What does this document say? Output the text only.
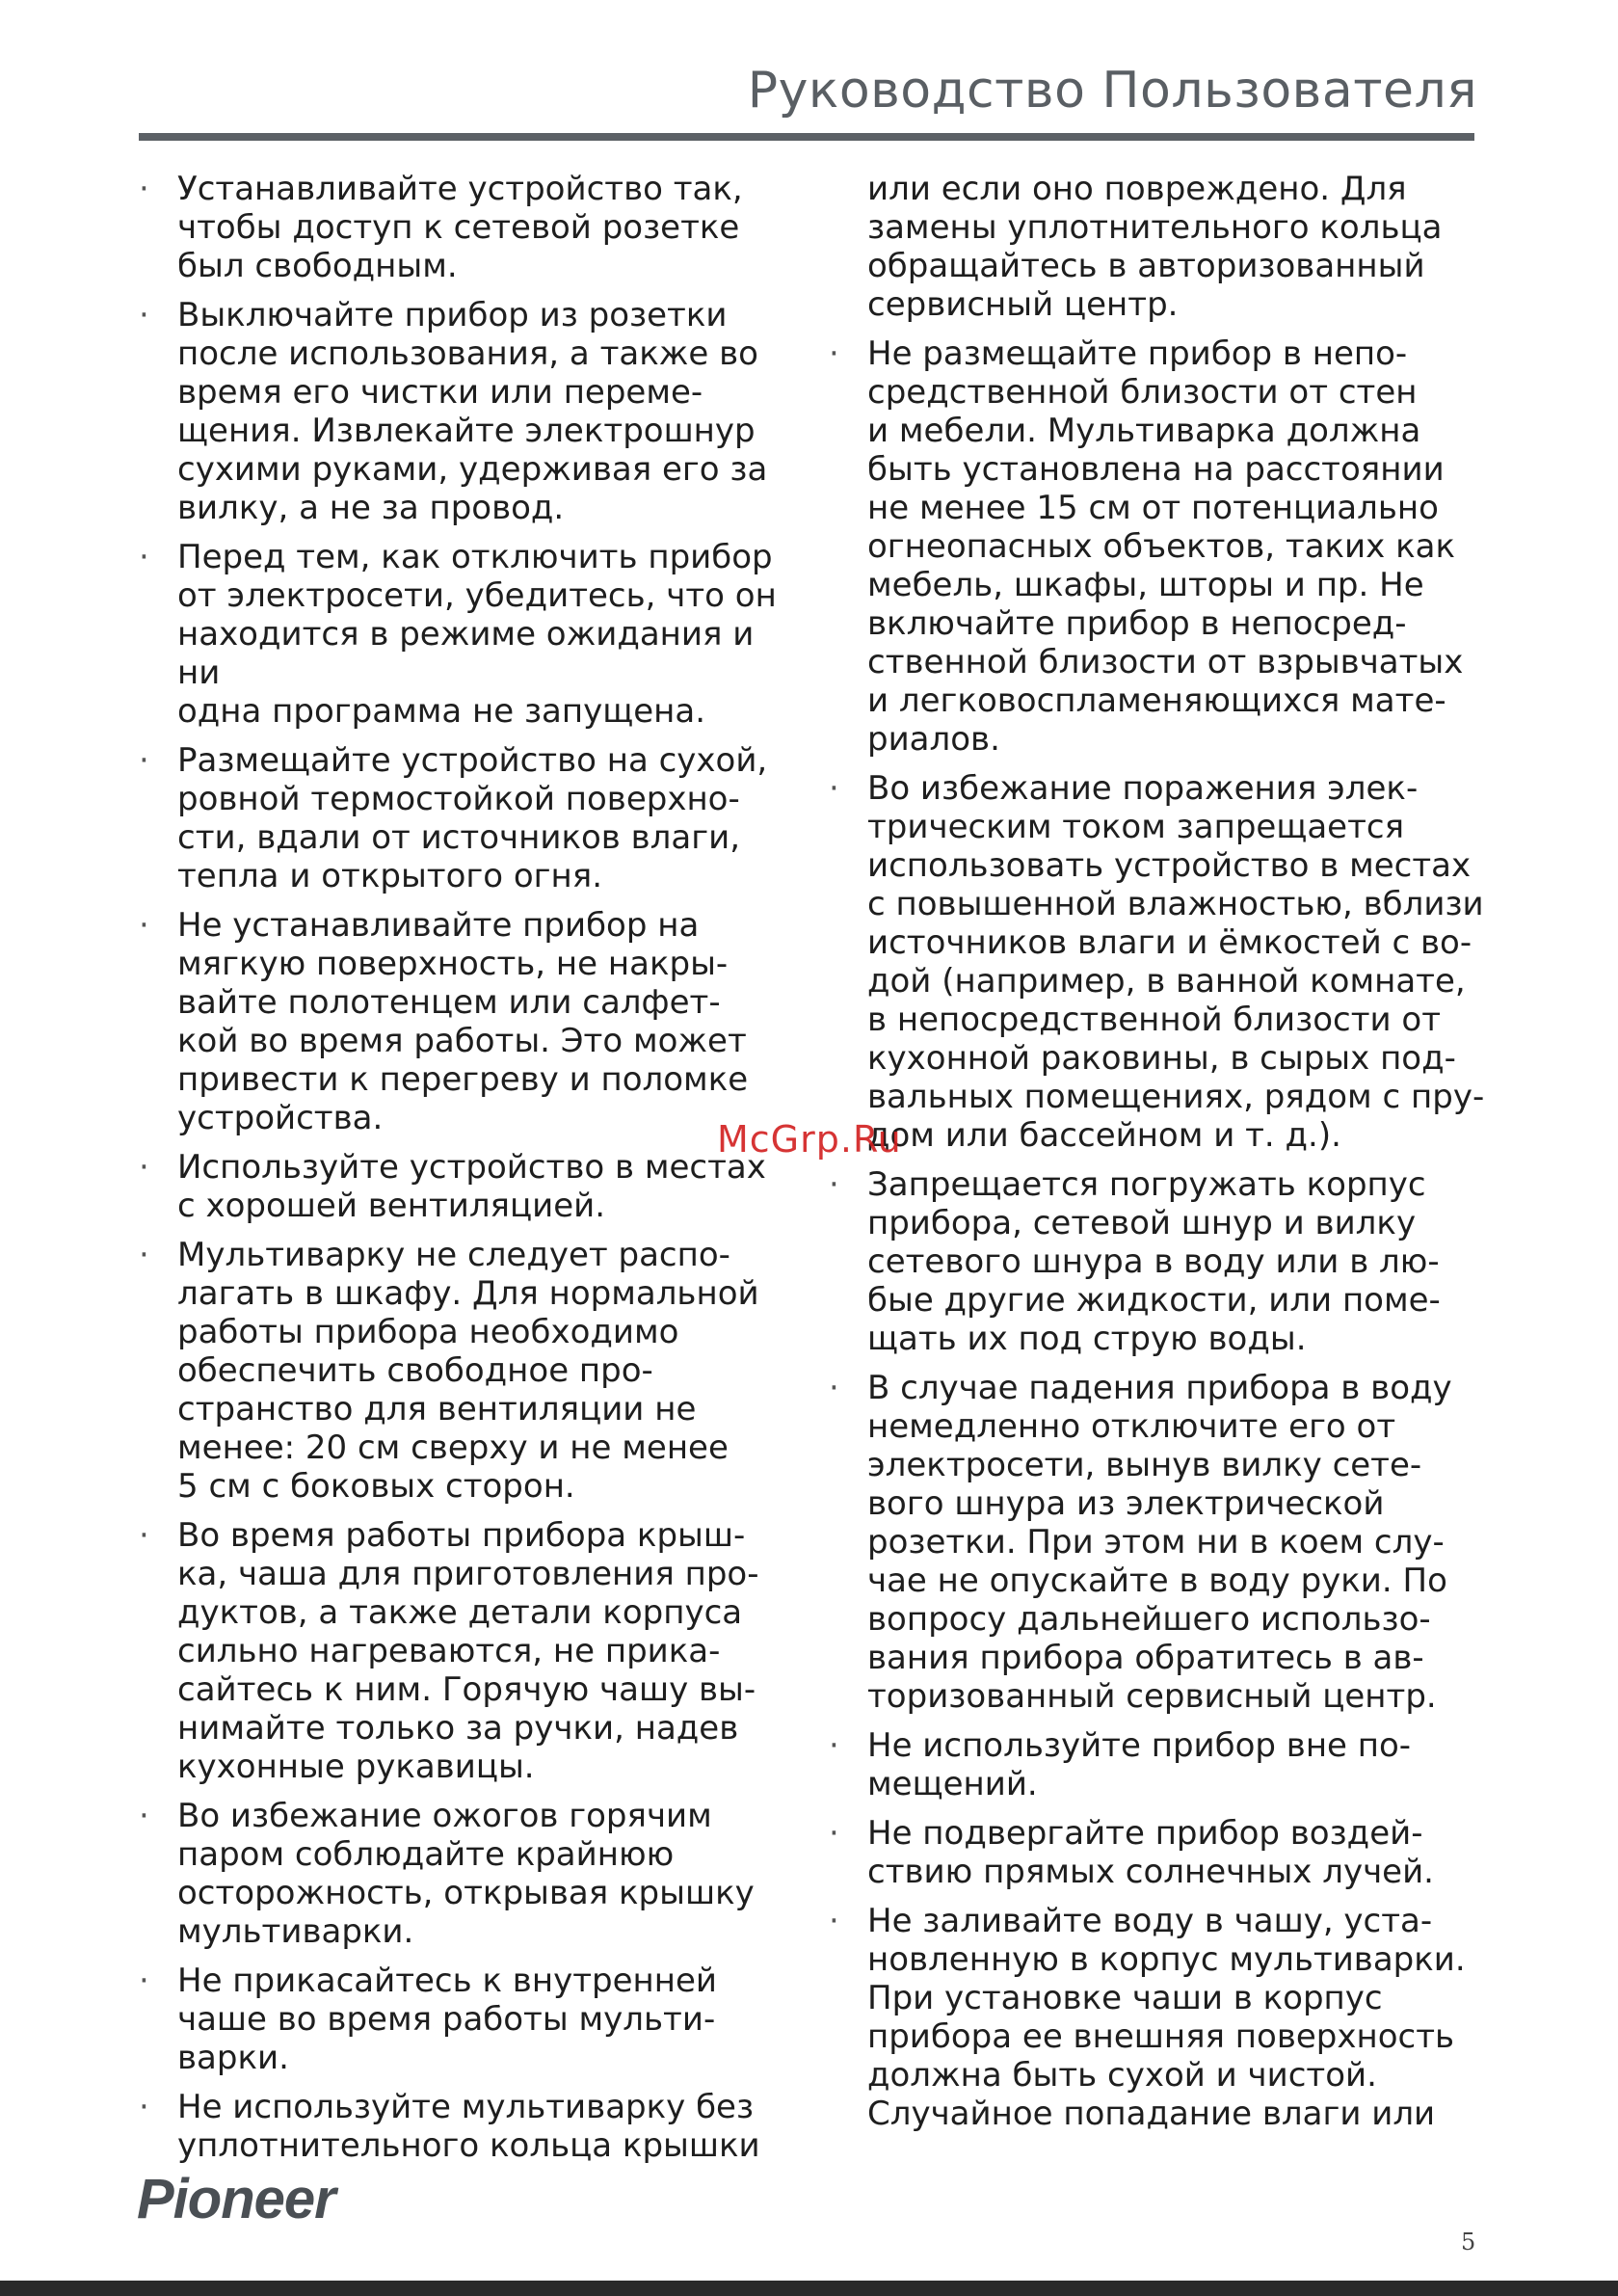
Руководство Пользователя
· Устанавливайте устройство так,
чтобы доступ к сетевой розетке
был свободным.
· Выключайте прибор из розетки
после использования, а также во
время его чистки или переме-
щения. Извлекайте электрошнур
сухими руками, удерживая его за
вилку, а не за провод.
· Перед тем, как отключить прибор
от электросети, убедитесь, что он
находится в режиме ожидания и ни
одна программа не запущена.
· Размещайте устройство на сухой,
ровной термостойкой поверхно-
сти, вдали от источников влаги,
тепла и открытого огня.
· Не устанавливайте прибор на
мягкую поверхность, не накры-
вайте полотенцем или салфет-
кой во время работы. Это может
привести к перегреву и поломке
устройства.
· Используйте устройство в местах
с хорошей вентиляцией.
· Мультиварку не следует распо-
лагать в шкафу. Для нормальной
работы прибора необходимо
обеспечить свободное про-
странство для вентиляции не
менее: 20 см сверху и не менее
5 см с боковых сторон.
· Во время работы прибора крыш-
ка, чаша для приготовления про-
дуктов, а также детали корпуса
сильно нагреваются, не прика-
сайтесь к ним. Горячую чашу вы-
нимайте только за ручки, надев
кухонные рукавицы.
· Во избежание ожогов горячим
паром соблюдайте крайнюю
осторожность, открывая крышку
мультиварки.
· Не прикасайтесь к внутренней
чаше во время работы мульти-
варки.
· Не используйте мультиварку без
уплотнительного кольца крышки
или если оно повреждено. Для
замены уплотнительного кольца
обращайтесь в авторизованный
сервисный центр.
· Не размещайте прибор в непо-
средственной близости от стен
и мебели. Мультиварка должна
быть установлена на расстоянии
не менее 15 см от потенциально
огнеопасных объектов, таких как
мебель, шкафы, шторы и пр. Не
включайте прибор в непосред-
ственной близости от взрывчатых
и легковоспламеняющихся мате-
риалов.
· Во избежание поражения элек-
трическим током запрещается
использовать устройство в местах
с повышенной влажностью, вблизи
источников влаги и ёмкостей с во-
дой (например, в ванной комнате,
в непосредственной близости от
кухонной раковины, в сырых под-
вальных помещениях, рядом с пру-
дом или бассейном и т. д.).
· Запрещается погружать корпус
прибора, сетевой шнур и вилку
сетевого шнура в воду или в лю-
бые другие жидкости, или поме-
щать их под струю воды.
· В случае падения прибора в воду
немедленно отключите его от
электросети, вынув вилку сете-
вого шнура из электрической
розетки. При этом ни в коем слу-
чае не опускайте в воду руки. По
вопросу дальнейшего использо-
вания прибора обратитесь в ав-
торизованный сервисный центр.
· Не используйте прибор вне по-
мещений.
· Не подвергайте прибор воздей-
ствию прямых солнечных лучей.
· Не заливайте воду в чашу, уста-
новленную в корпус мультиварки.
При установке чаши в корпус
прибора ее внешняя поверхность
должна быть сухой и чистой.
Случайное попадание влаги или
McGrp.Ru
Pioneer
5
